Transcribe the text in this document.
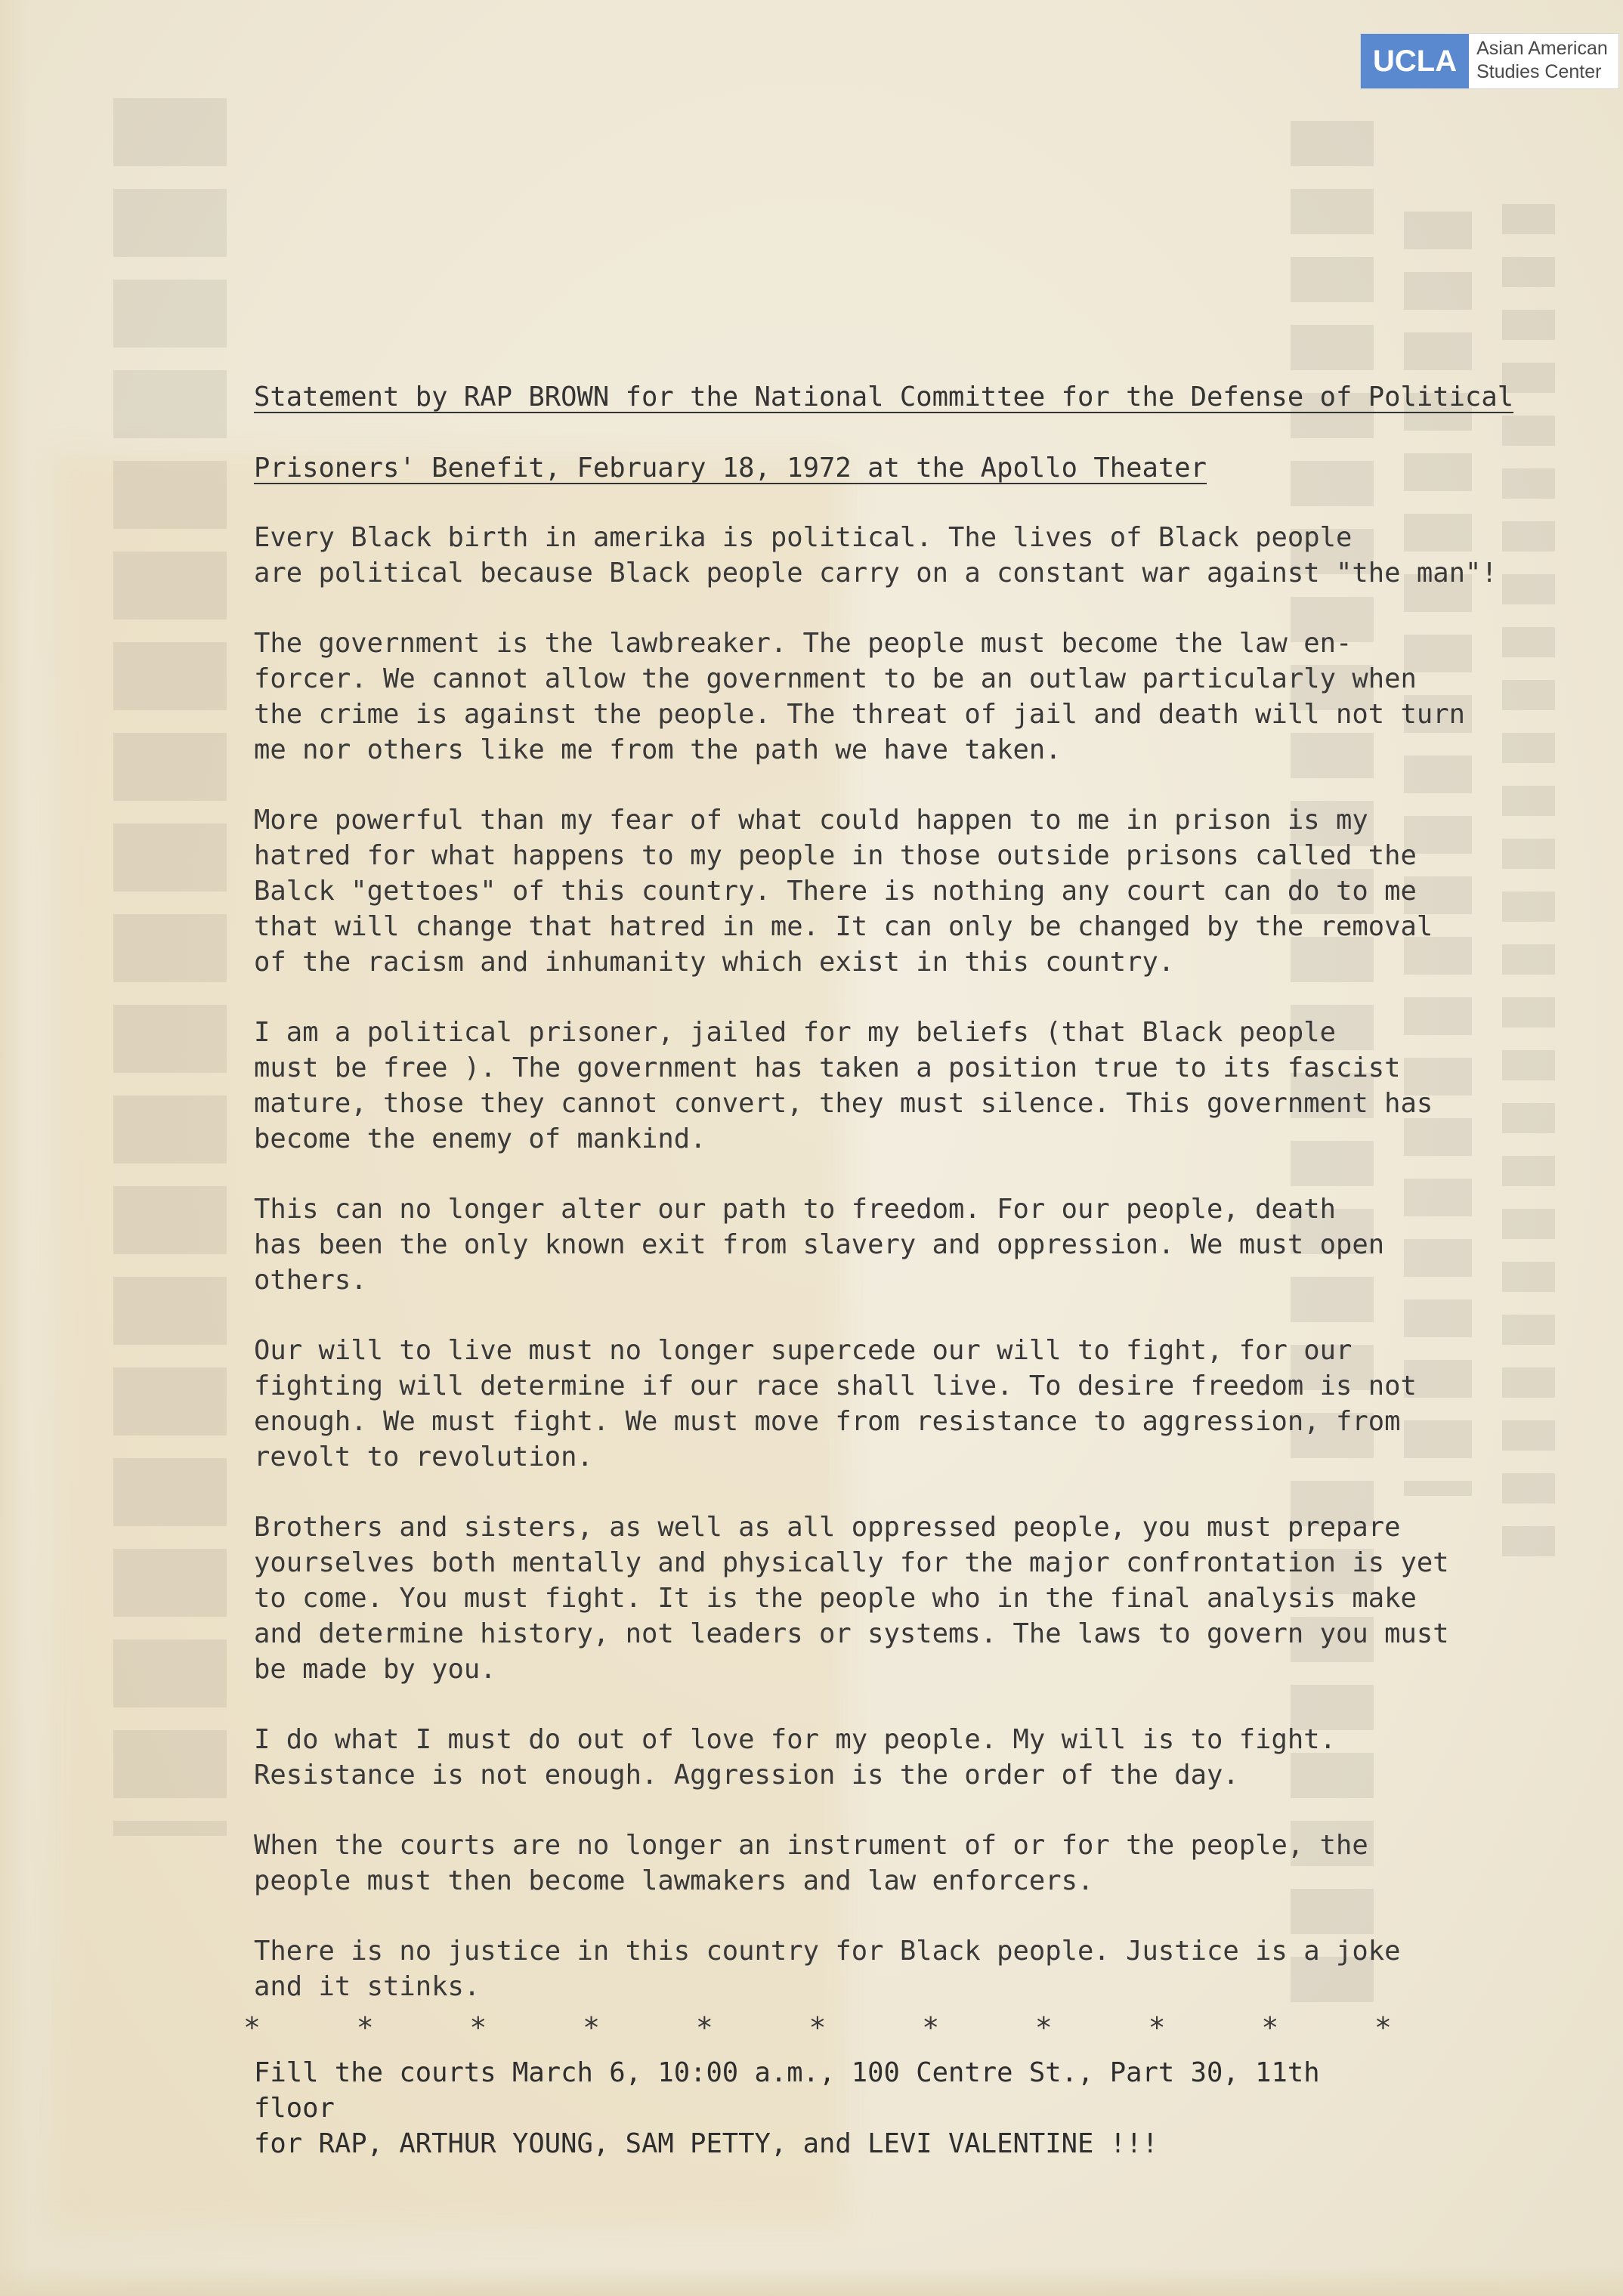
UCLA	Asian American
Studies Center

Statement by RAP BROWN for the National Committee for the Defense of Political

Prisoners' Benefit, February 18, 1972 at the Apollo Theater

Every Black birth in amerika is political. The lives of Black people
are political because Black people carry on a constant war against "the man"!

The government is the lawbreaker. The people must become the law en-
forcer. We cannot allow the government to be an outlaw particularly when
the crime is against the people. The threat of jail and death will not turn
me nor others like me from the path we have taken.

More powerful than my fear of what could happen to me in prison is my
hatred for what happens to my people in those outside prisons called the
Balck "gettoes" of this country. There is nothing any court can do to me
that will change that hatred in me. It can only be changed by the removal
of the racism and inhumanity which exist in this country.

I am a political prisoner, jailed for my beliefs (that Black people
must be free ). The government has taken a position true to its fascist
mature, those they cannot convert, they must silence. This government has
become the enemy of mankind.

This can no longer alter our path to freedom. For our people, death
has been the only known exit from slavery and oppression. We must open
others.

Our will to live must no longer supercede our will to fight, for our
fighting will determine if our race shall live. To desire freedom is not
enough. We must fight. We must move from resistance to aggression, from
revolt to revolution.

Brothers and sisters, as well as all oppressed people, you must prepare
yourselves both mentally and physically for the major confrontation is yet
to come. You must fight. It is the people who in the final analysis make
and determine history, not leaders or systems. The laws to govern you must
be made by you.

I do what I must do out of love for my people. My will is to fight.
Resistance is not enough. Aggression is the order of the day.

When the courts are no longer an instrument of or for the people, the
people must then become lawmakers and law enforcers.

There is no justice in this country for Black people. Justice is a joke
and it stinks.

*	*	*	*	*	*	*	*	*	*	*
Fill the courts March 6, 10:00 a.m., 100 Centre St., Part 30, 11th floor
for RAP, ARTHUR YOUNG, SAM PETTY, and LEVI VALENTINE !!!
